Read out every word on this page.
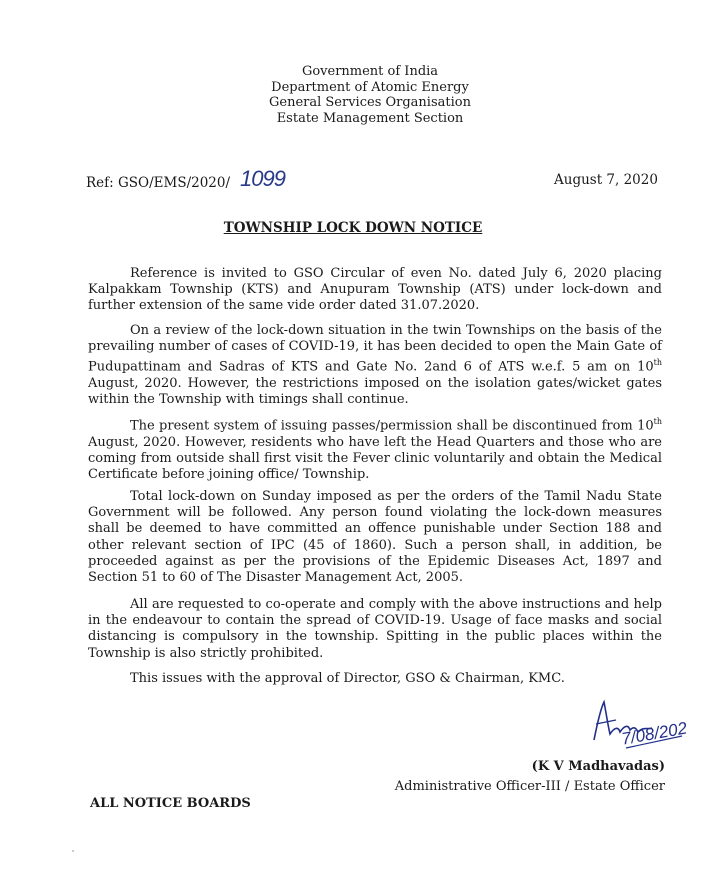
Government of India
Department of Atomic Energy
General Services Organisation
Estate Management Section
Ref: GSO/EMS/2020/ 1099	August 7, 2020
TOWNSHIP LOCK DOWN NOTICE

Reference is invited to GSO Circular of even No. dated July 6, 2020 placing Kalpakkam Township (KTS) and Anupuram Township (ATS) under lock-down and further extension of the same vide order dated 31.07.2020.

On a review of the lock-down situation in the twin Townships on the basis of the prevailing number of cases of COVID-19, it has been decided to open the Main Gate of Pudupattinam and Sadras of KTS and Gate No. 2and 6 of ATS w.e.f. 5 am on 10th August, 2020. However, the restrictions imposed on the isolation gates/wicket gates within the Township with timings shall continue.

The present system of issuing passes/permission shall be discontinued from 10th August, 2020. However, residents who have left the Head Quarters and those who are coming from outside shall first visit the Fever clinic voluntarily and obtain the Medical Certificate before joining office/ Township.

Total lock-down on Sunday imposed as per the orders of the Tamil Nadu State Government will be followed. Any person found violating the lock-down measures shall be deemed to have committed an offence punishable under Section 188 and other relevant section of IPC (45 of 1860). Such a person shall, in addition, be proceeded against as per the provisions of the Epidemic Diseases Act, 1897 and Section 51 to 60 of The Disaster Management Act, 2005.

All are requested to co-operate and comply with the above instructions and help in the endeavour to contain the spread of COVID-19. Usage of face masks and social distancing is compulsory in the township. Spitting in the public places within the Township is also strictly prohibited.

This issues with the approval of Director, GSO & Chairman, KMC.

7/08/202
(K V Madhavadas)
Administrative Officer-III / Estate Officer
ALL NOTICE BOARDS
